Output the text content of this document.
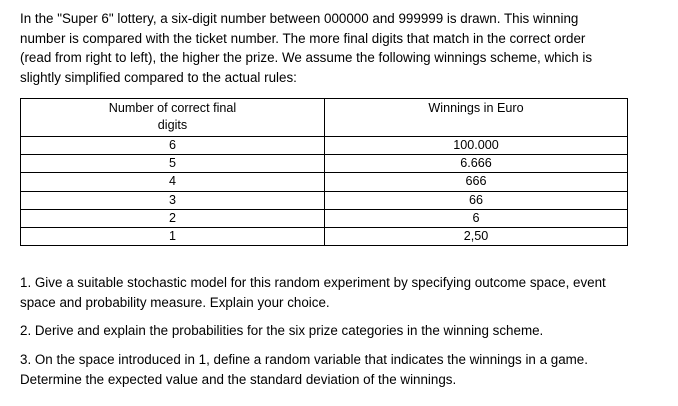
In the "Super 6" lottery, a six-digit number between 000000 and 999999 is drawn. This winning
number is compared with the ticket number. The more final digits that match in the correct order
(read from right to left), the higher the prize. We assume the following winnings scheme, which is
slightly simplified compared to the actual rules:

Number of correct final
digits	Winnings in Euro
6	100.000
5	6.666
4	666
3	66
2	6
1	2,50

1. Give a suitable stochastic model for this random experiment by specifying outcome space, event
space and probability measure. Explain your choice.

2. Derive and explain the probabilities for the six prize categories in the winning scheme.

3. On the space introduced in 1, define a random variable that indicates the winnings in a game.
Determine the expected value and the standard deviation of the winnings.
